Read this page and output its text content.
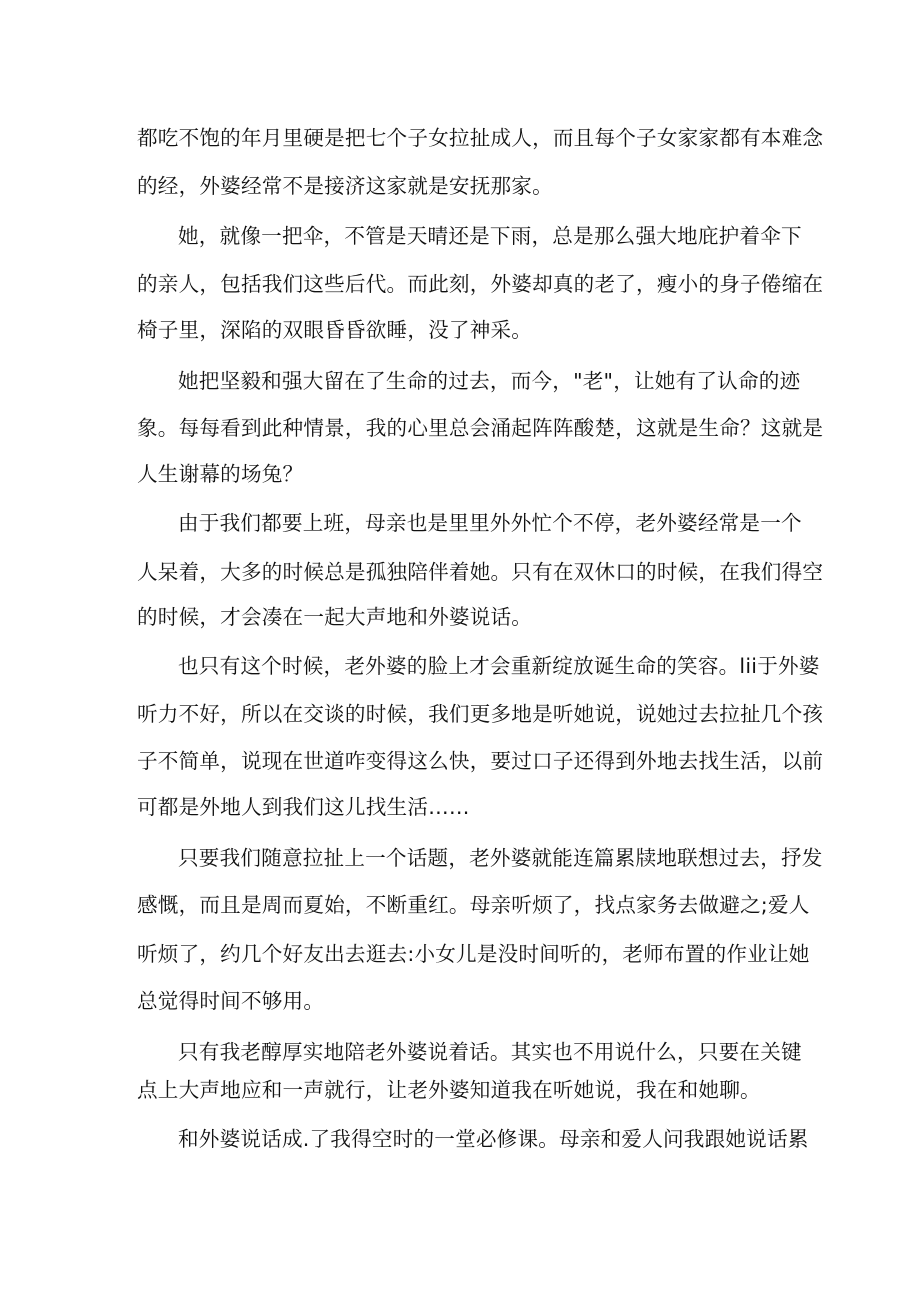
都吃不饱的年月里硬是把七个子女拉扯成人，而且每个子女家家都有本难念
的经，外婆经常不是接济这家就是安抚那家。
她，就像一把伞，不管是天晴还是下雨，总是那么强大地庇护着伞下
的亲人，包括我们这些后代。而此刻，外婆却真的老了，瘦小的身子倦缩在
椅子里，深陷的双眼昏昏欲睡，没了神采。
她把坚毅和强大留在了生命的过去，而今，"老"，让她有了认命的迹
象。每每看到此种情景，我的心里总会涌起阵阵酸楚，这就是生命？这就是
人生谢幕的场兔？
由于我们都要上班，母亲也是里里外外忙个不停，老外婆经常是一个
人呆着，大多的时候总是孤独陪伴着她。只有在双休口的时候，在我们得空
的时候，才会凑在一起大声地和外婆说话。
也只有这个时候，老外婆的脸上才会重新绽放诞生命的笑容。lii于外婆
听力不好，所以在交谈的时候，我们更多地是听她说，说她过去拉扯几个孩
子不简单，说现在世道咋变得这么快，要过口子还得到外地去找生活，以前
可都是外地人到我们这儿找生活……
只要我们随意拉扯上一个话题，老外婆就能连篇累牍地联想过去，抒发
感慨，而且是周而夏始，不断重红。母亲听烦了，找点家务去做避之;爱人
听烦了，约几个好友出去逛去:小女儿是没时间听的，老师布置的作业让她
总觉得时间不够用。
只有我老醇厚实地陪老外婆说着话。其实也不用说什么，只要在关键
点上大声地应和一声就行，让老外婆知道我在听她说，我在和她聊。
和外婆说话成.了我得空时的一堂必修课。母亲和爱人问我跟她说话累
